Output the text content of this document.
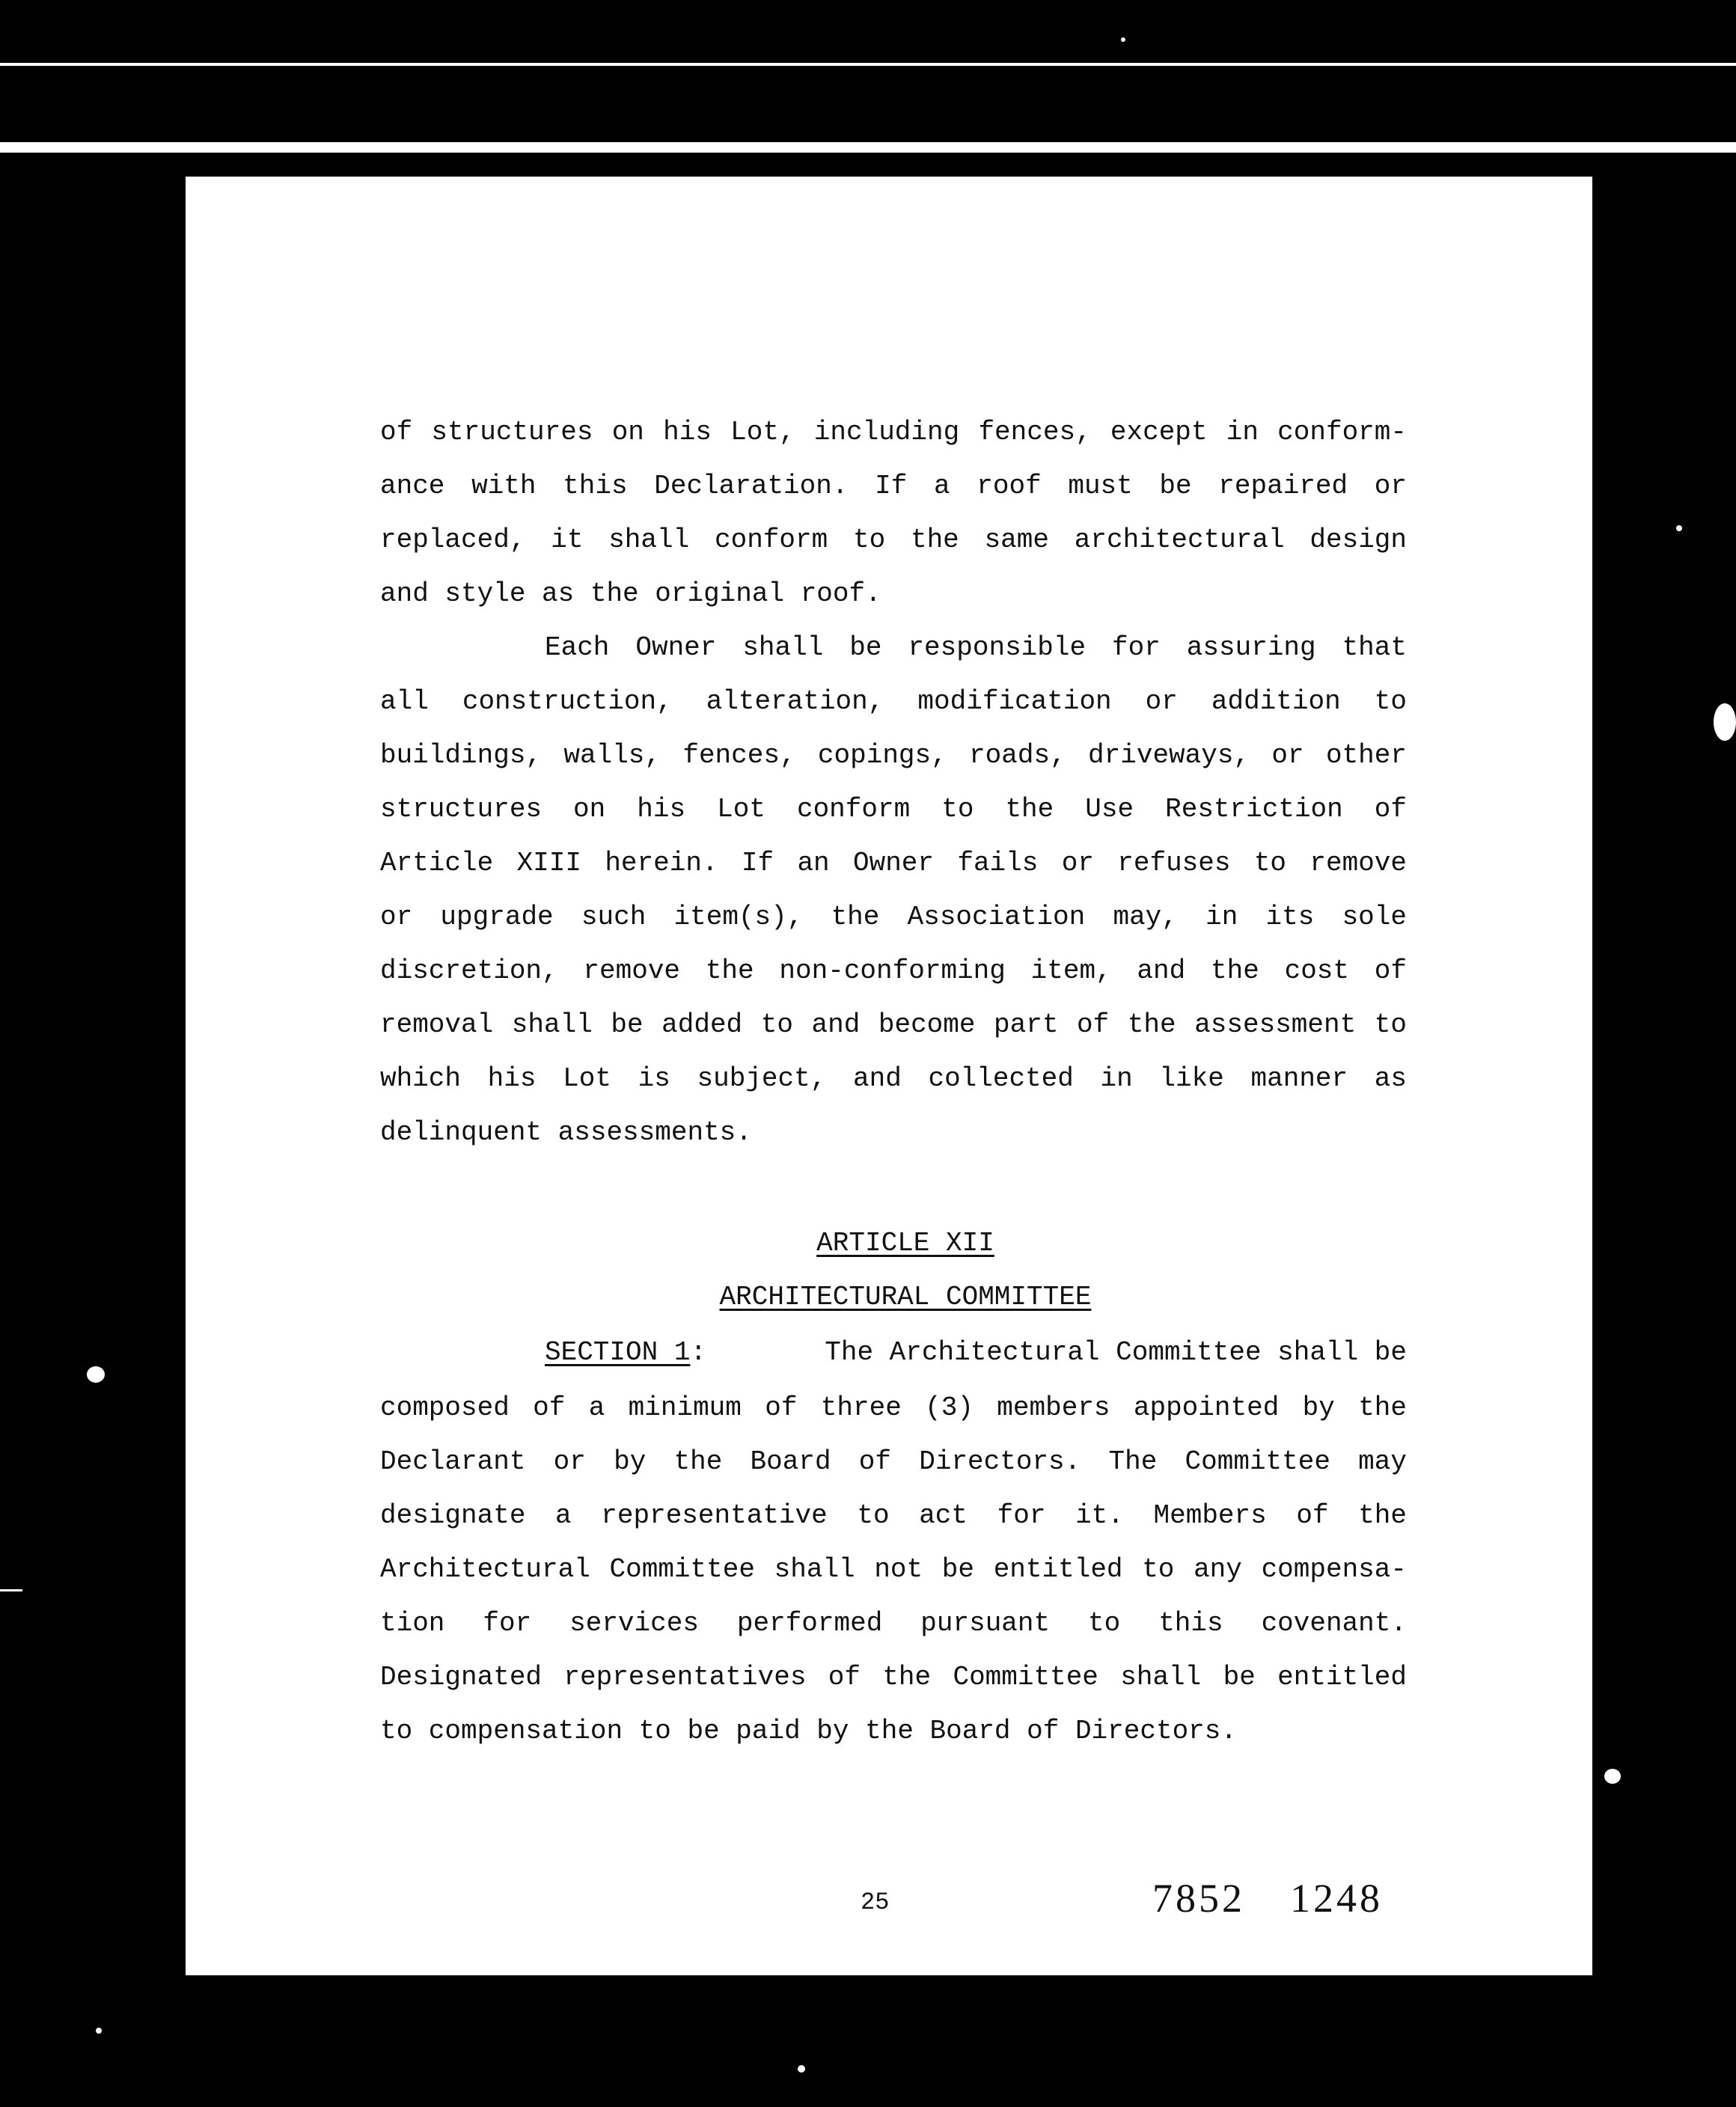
of structures on his Lot, including fences, except in conform-
ance with this Declaration. If a roof must be repaired or
replaced, it shall conform to the same architectural design
and style as the original roof.
Each Owner shall be responsible for assuring that
all construction, alteration, modification or addition to
buildings, walls, fences, copings, roads, driveways, or other
structures on his Lot conform to the Use Restriction of
Article XIII herein. If an Owner fails or refuses to remove
or upgrade such item(s), the Association may, in its sole
discretion, remove the non-conforming item, and the cost of
removal shall be added to and become part of the assessment to
which his Lot is subject, and collected in like manner as
delinquent assessments.
ARTICLE XII
ARCHITECTURAL COMMITTEE
SECTION 1:	The Architectural Committee shall be
composed of a minimum of three (3) members appointed by the
Declarant or by the Board of Directors. The Committee may
designate a representative to act for it. Members of the
Architectural Committee shall not be entitled to any compensa-
tion for services performed pursuant to this covenant.
Designated representatives of the Committee shall be entitled
to compensation to be paid by the Board of Directors.
25	7852 1248
